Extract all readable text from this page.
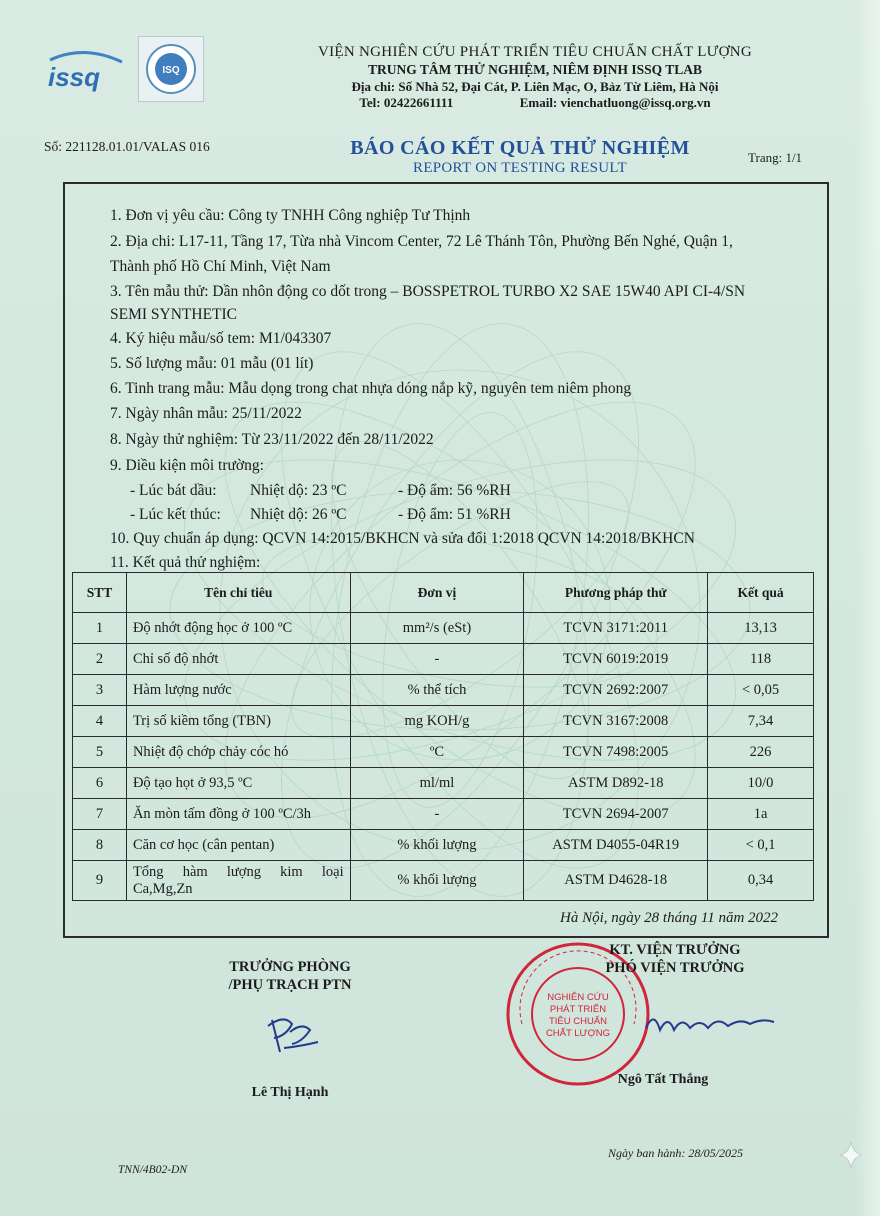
issq	ISQ
VIỆN NGHIÊN CỨU PHÁT TRIỂN TIÊU CHUẨN CHẤT LƯỢNG
TRUNG TÂM THỬ NGHIỆM, NIÊM ĐỊNH ISSQ TLAB
Địa chi: Số Nhà 52, Đại Cát, P. Liên Mạc, O, Bảz Từ Liêm, Hà Nội
Tel: 02422661111	Email: vienchatluong@issq.org.vn
Số: 221128.01.01/VALAS 016	BÁO CÁO KẾT QUẢ THỬ NGHIỆM
REPORT ON TESTING RESULT
Trang: 1/1
1. Đơn vị yêu cầu: Công ty TNHH Công nghiệp Tư Thịnh
2. Địa chi: L17-11, Tầng 17, Từa nhà Vincom Center, 72 Lê Thánh Tôn, Phường Bến Nghé, Quận 1,
Thành phố Hồ Chí Minh, Việt Nam
3. Tên mẫu thử: Dần nhôn động co dốt trong – BOSSPETROL TURBO X2 SAE 15W40 API CI-4/SN
SEMI SYNTHETIC
4. Ký hiệu mẫu/số tem: M1/043307
5. Số lượng mẫu: 01 mẫu (01 lít)
6. Tinh trang mẫu: Mẫu dọng trong chat nhựa dóng nắp kỹ, nguyên tem niêm phong
7. Ngày nhân mẫu: 25/11/2022
8. Ngày thử nghiệm: Từ 23/11/2022 đến 28/11/2022
9. Diều kiện môi trường:
- Lúc bát dầu: Nhiệt dộ: 23 ºC	- Độ ẩm: 56 %RH
- Lúc kết thúc: Nhiệt dộ: 26 ºC	- Độ ẩm: 51 %RH
10. Quy chuẩn áp dụng: QCVN 14:2015/BKHCN và sửa đổi 1:2018 QCVN 14:2018/BKHCN
11. Kết quả thử nghiệm:
STT	Tên chỉ tiêu	Đơn vị	Phương pháp thử	Kết quả
1	Độ nhớt động học ở 100 ºC	mm²/s (eSt)	TCVN 3171:2011	13,13
2	Chỉ số độ nhớt	-	TCVN 6019:2019	118
3	Hàm lượng nước	% thể tích	TCVN 2692:2007	< 0,05
4	Trị số kiềm tổng (TBN)	mg KOH/g	TCVN 3167:2008	7,34
5	Nhiệt độ chớp chảy cóc hó	ºC	TCVN 7498:2005	226
6	Độ tạo họt ở 93,5 ºC	ml/ml	ASTM D892-18	10/0
7	Ăn mòn tấm đồng ở 100 ºC/3h	-	TCVN 2694-2007	1a
8	Căn cơ học (cân pentan)	% khối lượng	ASTM D4055-04R19	< 0,1
9	Tổng hàm lượng kim loại
Ca,Mg,Zn	% khối lượng	ASTM D4628-18	0,34
Hà Nội, ngày 28 tháng 11 năm 2022
TRƯỞNG PHÒNG
/PHỤ TRẠCH PTN
Lê Thị Hạnh
NGHIÊN CỨU
PHÁT TRIỂN
TIÊU CHUẨN
CHẤT LƯỢNG
KT. VIỆN TRƯỞNG
PHÓ VIỆN TRƯỞNG
Ngô Tất Thắng
Ngày ban hành: 28/05/2025
TNN/4B02-DN
